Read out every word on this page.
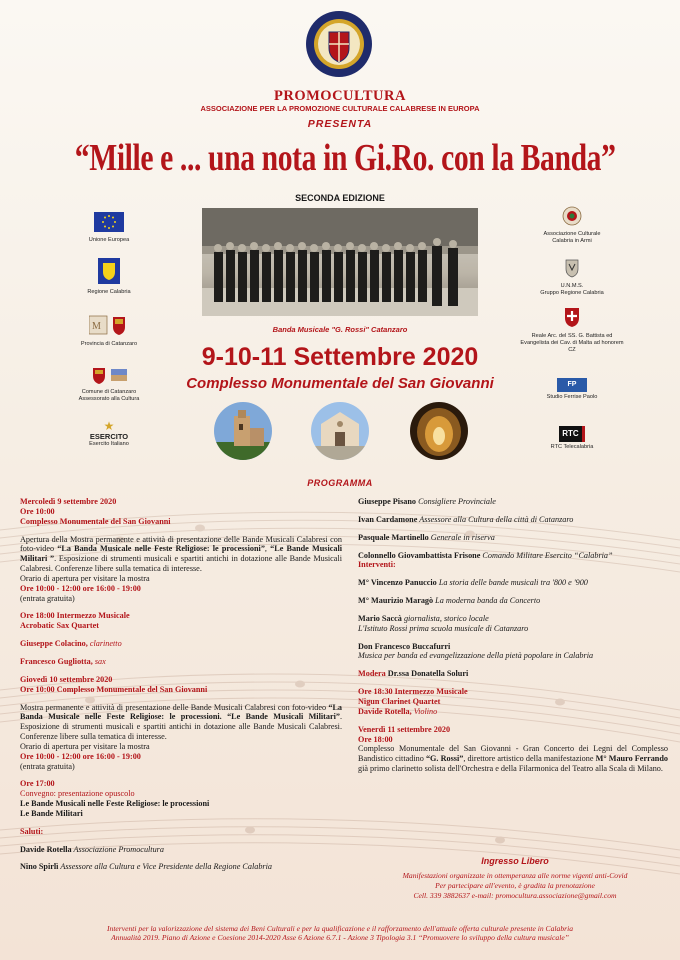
PROMOCULTURA
ASSOCIAZIONE PER LA PROMOZIONE CULTURALE CALABRESE IN EUROPA
PRESENTA
“Mille e ... una nota in Gi.Ro. con la Banda”
SECONDA EDIZIONE
Banda Musicale "G. Rossi" Catanzaro
Unione Europea
Regione Calabria
M
Provincia di Catanzaro
Comune di Catanzaro
Assessorato alla Cultura
★
ESERCITO
Esercito Italiano
Associazione Culturale
Calabria in Armi
U.N.M.S.
Gruppo Regione Calabria
Reale Arc. del SS. G. Battista ed
Evangelista dei Cav. di Malta ad honorem CZ
FP
Studio Ferrise Paolo
RTC
RTC Telecalabria
9-10-11 Settembre 2020
Complesso Monumentale del San Giovanni
PROGRAMMA

Mercoledì 9 settembre 2020

Ore 10:00

Complesso Monumentale del San Giovanni

Apertura della Mostra permanente e attività di presentazione delle Bande Musicali Calabresi con foto-video “La Banda Musicale nelle Feste Religiose: le processioni”, “Le Bande Musicali Militari ”. Esposizione di strumenti musicali e spartiti antichi in dotazione alle Bande Musicali Calabresi. Conferenze libere sulla tematica di interesse.

Orario di apertura per visitare la mostra

Ore 10:00 - 12:00 ore 16:00 - 19:00

(entrata gratuita)

Ore 18:00 Intermezzo Musicale

Acrobatic Sax Quartet

Giuseppe Colacino, clarinetto

Francesco Gugliotta, sax

Giovedì 10 settembre 2020

Ore 10:00 Complesso Monumentale del San Giovanni

Mostra permanente e attività di presentazione delle Bande Musicali Calabresi con foto-video “La Banda Musicale nelle Feste Religiose: le processioni. “Le Bande Musicali Militari”. Esposizione di strumenti musicali e spartiti antichi in dotazione alle Bande Musicali Calabresi. Conferenze libere sulla tematica di interesse.

Orario di apertura per visitare la mostra

Ore 10:00 - 12:00 ore 16:00 - 19:00

(entrata gratuita)

Ore 17:00

Convegno: presentazione opuscolo

Le Bande Musicali nelle Feste Religiose: le processioni

Le Bande Militari

Saluti:

Davide Rotella Associazione Promocultura

Nino Spirlì Assessore alla Cultura e Vice Presidente della Regione Calabria

Giuseppe Pisano Consigliere Provinciale

Ivan Cardamone Assessore alla Cultura della città di Catanzaro

Pasquale Martinello Generale in riserva

Colonnello Giovambattista Frisone Comando Militare Esercito “Calabria”

Interventi:

M° Vincenzo Panuccio La storia delle bande musicali tra '800 e '900

M° Maurizio Maragò La moderna banda da Concerto

Mario Saccà giornalista, storico locale

L'Istituto Rossi prima scuola musicale di Catanzaro

Don Francesco Buccafurri

Musica per banda ed evangelizzazione della pietà popolare in Calabria

Modera Dr.ssa Donatella Soluri

Ore 18:30 Intermezzo Musicale

Nigun Clarinet Quartet

Davide Rotella, Violino

Venerdì 11 settembre 2020

Ore 18:00

Complesso Monumentale del San Giovanni - Gran Concerto dei Legni del Complesso Bandistico cittadino “G. Rossi”, direttore artistico della manifestazione M° Mauro Ferrando già primo clarinetto solista dell'Orchestra e della Filarmonica del Teatro alla Scala di Milano.

Ingresso Libero
Manifestazioni organizzate in ottemperanza alle norme vigenti anti-Covid
Per partecipare all'evento, è gradita la prenotazione
Cell. 339 3882637 e-mail: promocultura.associazione@gmail.com
Interventi per la valorizzazione del sistema dei Beni Culturali e per la qualificazione e il rafforzamento dell'attuale offerta culturale presente in Calabria
Annualità 2019. Piano di Azione e Coesione 2014-2020 Asse 6 Azione 6.7.1 - Azione 3 Tipologia 3.1 “Promuovere lo sviluppo della cultura musicale”
